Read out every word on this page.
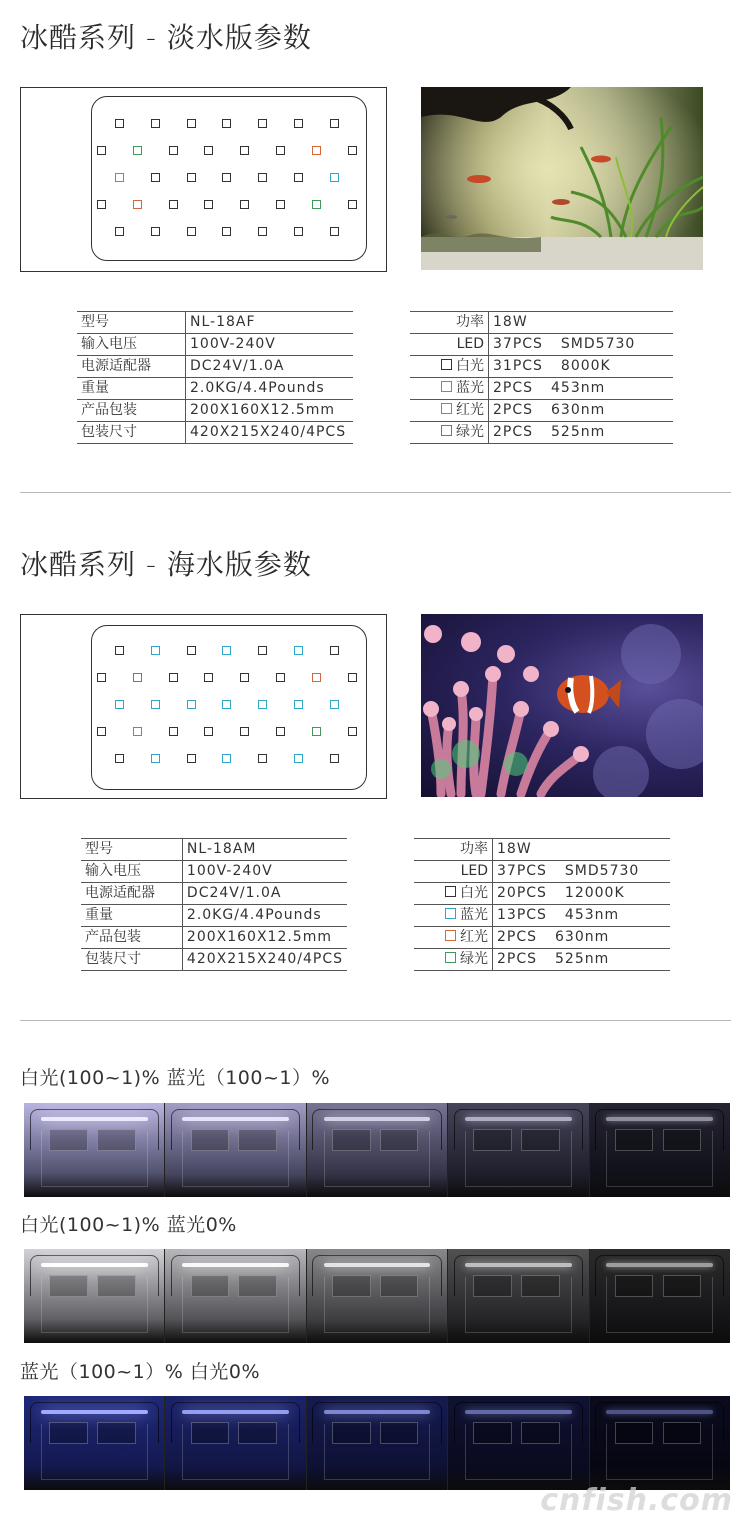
冰酷系列 - 淡水版参数
型号	NL-18AF
输入电压	100V-240V
电源适配器	DC24V/1.0A
重量	2.0KG/4.4Pounds
产品包装	200X160X12.5mm
包装尺寸	420X215X240/4PCS
功率	18W
LED	37PCS SMD5730
白光	31PCS 8000K
蓝光	2PCS 453nm
红光	2PCS 630nm
绿光	2PCS 525nm
冰酷系列 - 海水版参数
型号	NL-18AM
输入电压	100V-240V
电源适配器	DC24V/1.0A
重量	2.0KG/4.4Pounds
产品包装	200X160X12.5mm
包装尺寸	420X215X240/4PCS
功率	18W
LED	37PCS SMD5730
白光	20PCS 12000K
蓝光	13PCS 453nm
红光	2PCS 630nm
绿光	2PCS 525nm
白光(100~1)% 蓝光（100~1）%
白光(100~1)% 蓝光0%
蓝光（100~1）% 白光0%
cnfish.com
